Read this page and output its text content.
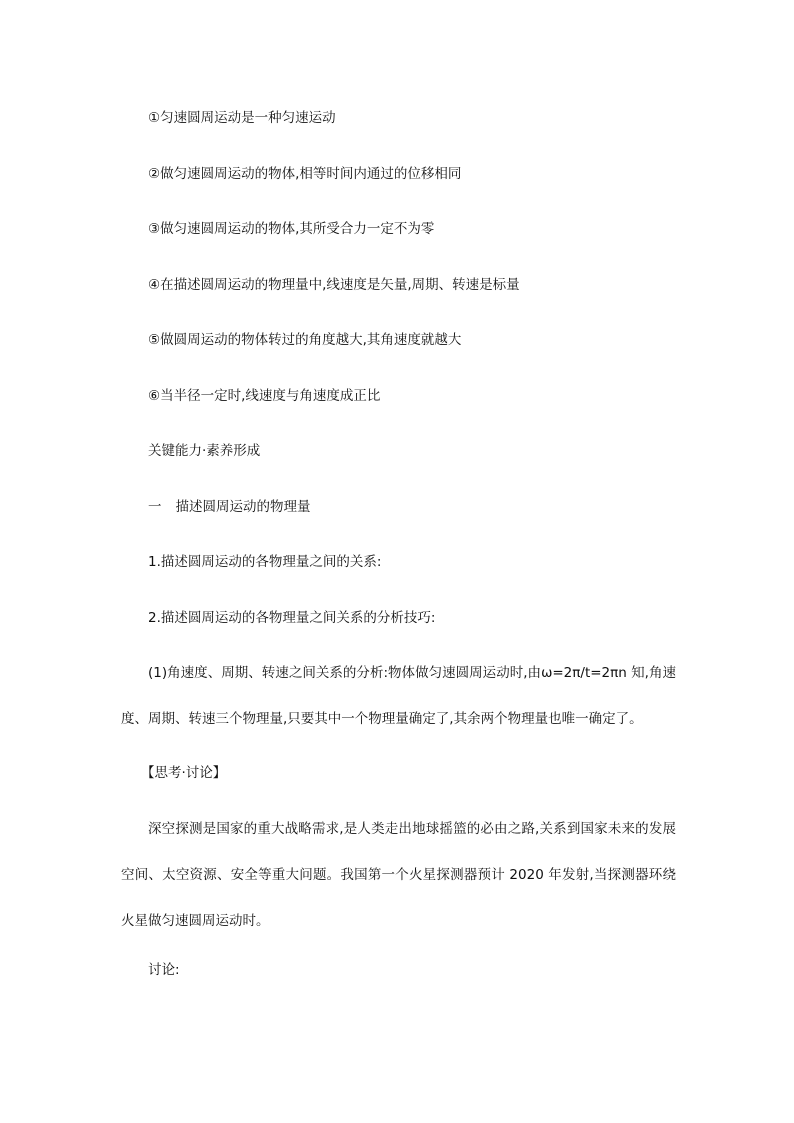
①匀速圆周运动是一种匀速运动
②做匀速圆周运动的物体,相等时间内通过的位移相同
③做匀速圆周运动的物体,其所受合力一定不为零
④在描述圆周运动的物理量中,线速度是矢量,周期、转速是标量
⑤做圆周运动的物体转过的角度越大,其角速度就越大
⑥当半径一定时,线速度与角速度成正比
关键能力·素养形成
一 描述圆周运动的物理量
1.描述圆周运动的各物理量之间的关系:
2.描述圆周运动的各物理量之间关系的分析技巧:
(1)角速度、周期、转速之间关系的分析:物体做匀速圆周运动时,由ω=2π/t=2πn 知,角速度、周期、转速三个物理量,只要其中一个物理量确定了,其余两个物理量也唯一确定了。
【思考·讨论】
深空探测是国家的重大战略需求,是人类走出地球摇篮的必由之路,关系到国家未来的发展空间、太空资源、安全等重大问题。我国第一个火星探测器预计 2020 年发射,当探测器环绕火星做匀速圆周运动时。
讨论:
